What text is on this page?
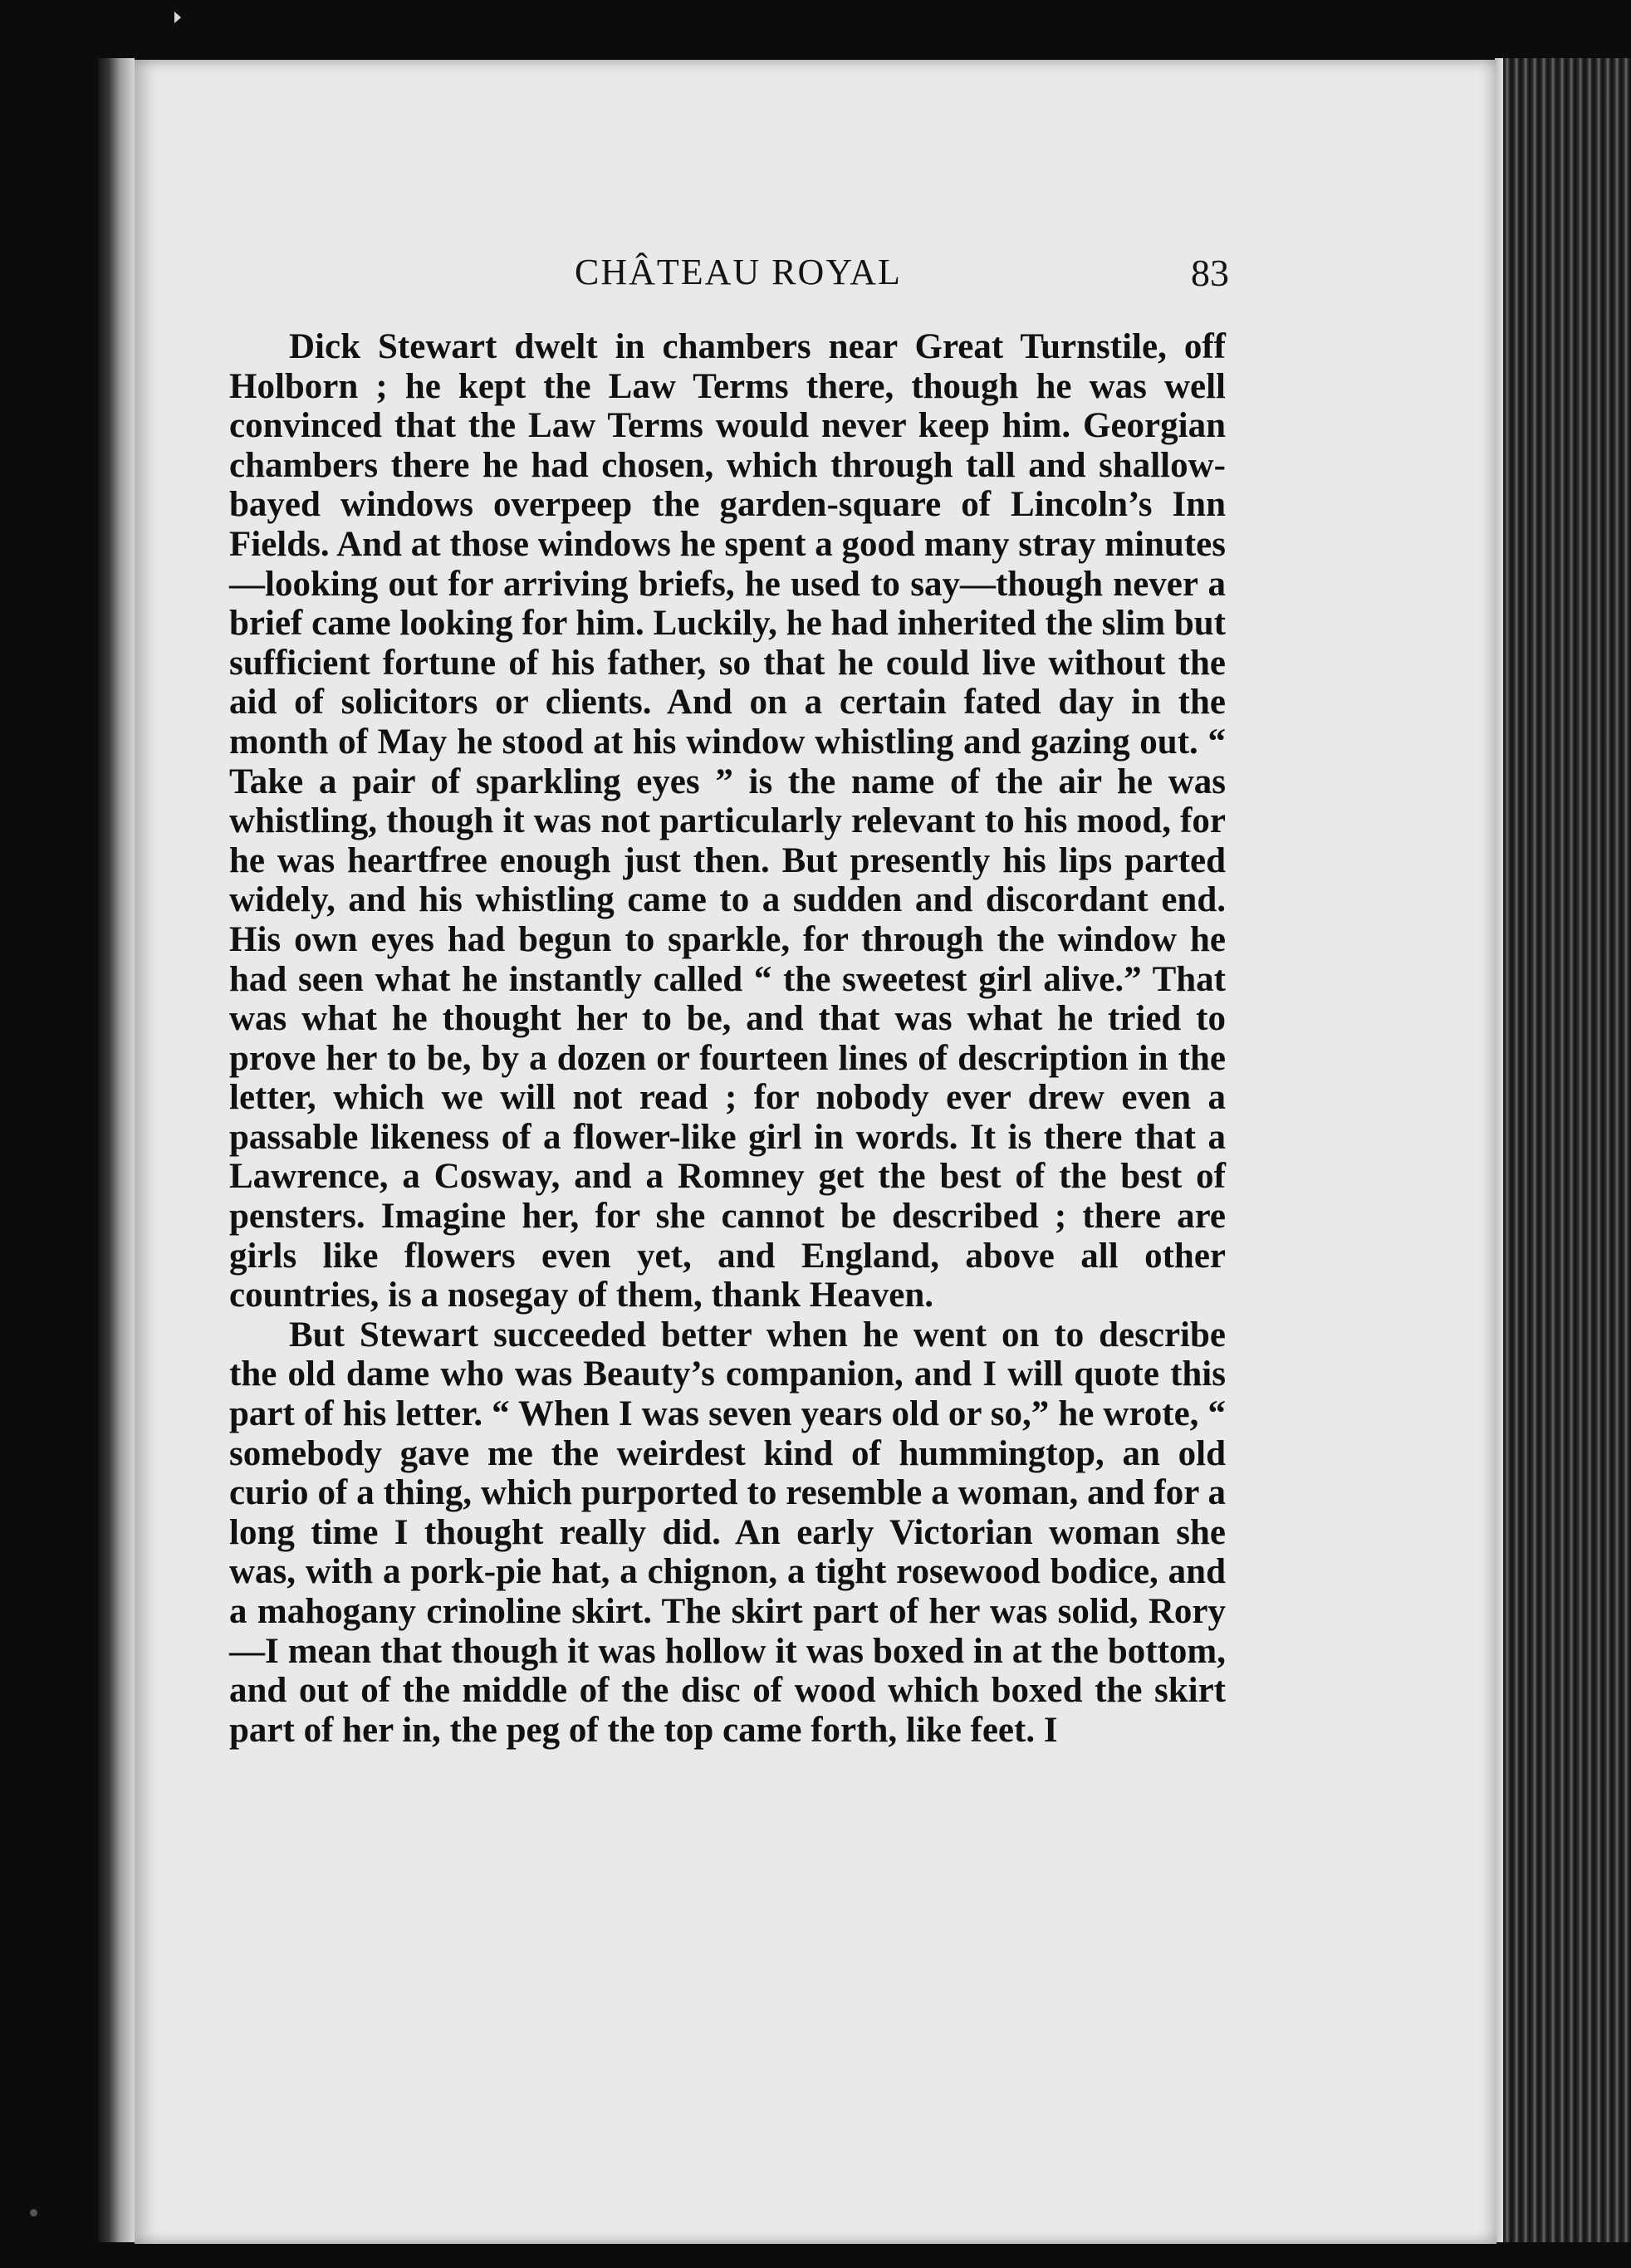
CHÂTEAU ROYAL	83

Dick Stewart dwelt in chambers near Great Turnstile, off Holborn ; he kept the Law Terms there, though he was well convinced that the Law Terms would never keep him. Georgian chambers there he had chosen, which through tall and shallow-bayed windows overpeep the garden-square of Lincoln’s Inn Fields. And at those windows he spent a good many stray minutes—looking out for arriving briefs, he used to say—though never a brief came looking for him. Luckily, he had inherited the slim but sufficient fortune of his father, so that he could live without the aid of solicitors or clients. And on a certain fated day in the month of May he stood at his window whistling and gazing out. “ Take a pair of sparkling eyes ” is the name of the air he was whistling, though it was not particularly relevant to his mood, for he was heartfree enough just then. But presently his lips parted widely, and his whistling came to a sudden and discordant end. His own eyes had begun to sparkle, for through the window he had seen what he instantly called “ the sweetest girl alive.” That was what he thought her to be, and that was what he tried to prove her to be, by a dozen or fourteen lines of description in the letter, which we will not read ; for nobody ever drew even a passable likeness of a flower-like girl in words. It is there that a Lawrence, a Cosway, and a Romney get the best of the best of pensters. Imagine her, for she cannot be described ; there are girls like flowers even yet, and England, above all other countries, is a nosegay of them, thank Heaven.

But Stewart succeeded better when he went on to describe the old dame who was Beauty’s companion, and I will quote this part of his letter. “ When I was seven years old or so,” he wrote, “ somebody gave me the weirdest kind of hummingtop, an old curio of a thing, which purported to resemble a woman, and for a long time I thought really did. An early Victorian woman she was, with a pork-pie hat, a chignon, a tight rosewood bodice, and a mahogany crinoline skirt. The skirt part of her was solid, Rory—I mean that though it was hollow it was boxed in at the bottom, and out of the middle of the disc of wood which boxed the skirt part of her in, the peg of the top came forth, like feet. I
